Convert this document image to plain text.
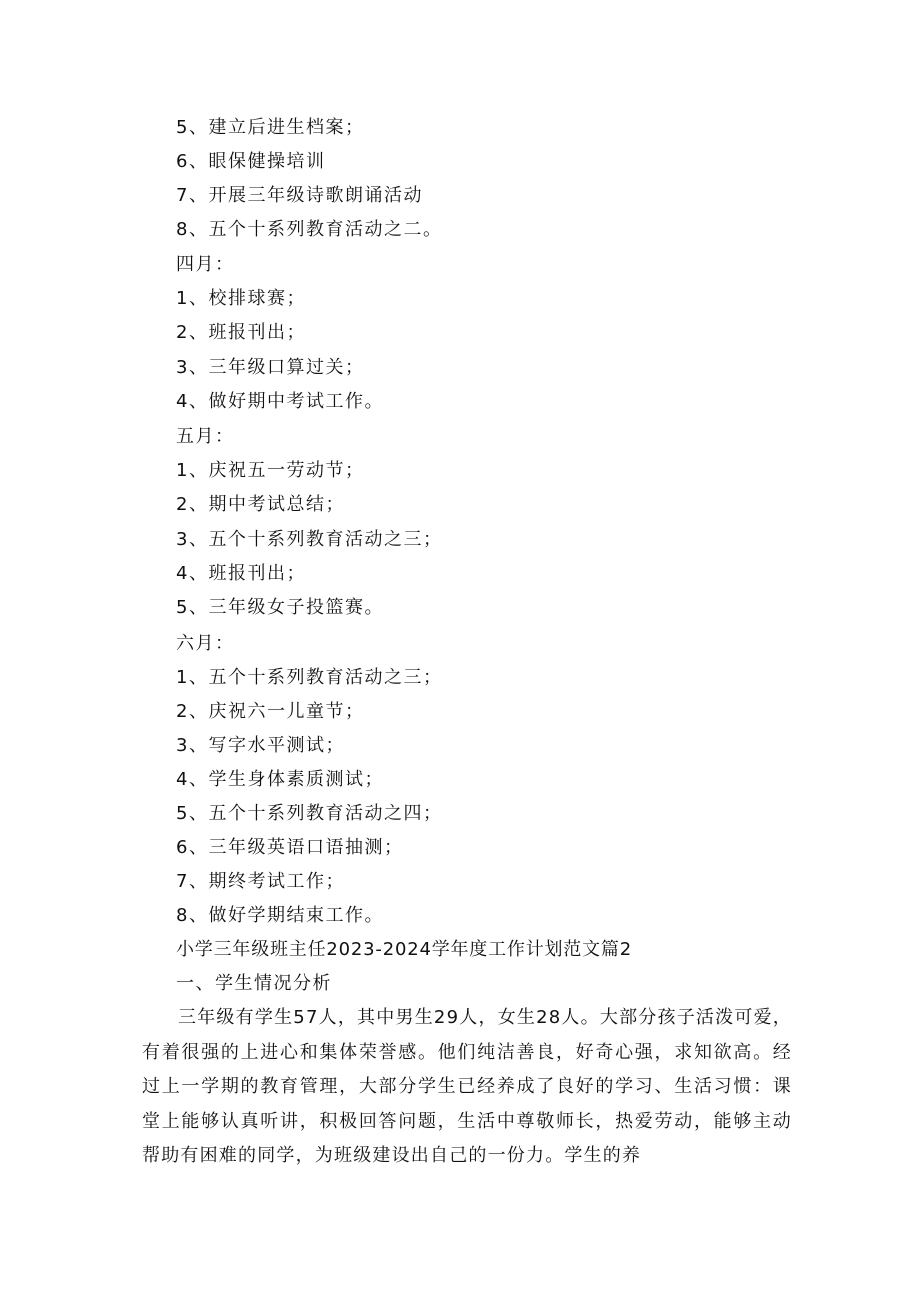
5、建立后进生档案；
6、眼保健操培训
7、开展三年级诗歌朗诵活动
8、五个十系列教育活动之二。
四月：
1、校排球赛；
2、班报刊出；
3、三年级口算过关；
4、做好期中考试工作。
五月：
1、庆祝五一劳动节；
2、期中考试总结；
3、五个十系列教育活动之三；
4、班报刊出；
5、三年级女子投篮赛。
六月：
1、五个十系列教育活动之三；
2、庆祝六一儿童节；
3、写字水平测试；
4、学生身体素质测试；
5、五个十系列教育活动之四；
6、三年级英语口语抽测；
7、期终考试工作；
8、做好学期结束工作。
小学三年级班主任2023-2024学年度工作计划范文篇2
一、学生情况分析
三年级有学生57人，其中男生29人，女生28人。大部分孩子活泼可爱，有着很强的上进心和集体荣誉感。他们纯洁善良，好奇心强，求知欲高。经过上一学期的教育管理，大部分学生已经养成了良好的学习、生活习惯：课堂上能够认真听讲，积极回答问题，生活中尊敬师长，热爱劳动，能够主动帮助有困难的同学，为班级建设出自己的一份力。学生的养
